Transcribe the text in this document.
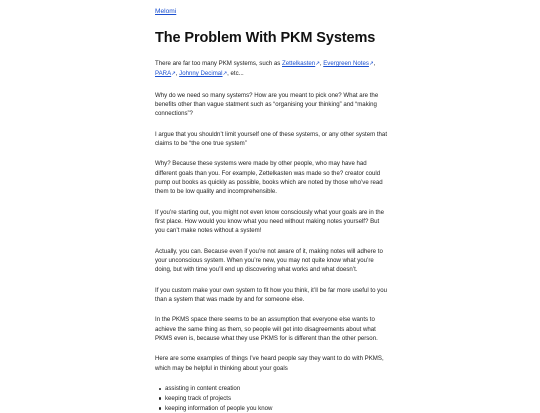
Melomi
The Problem With PKM Systems

There are far too many PKM systems, such as Zettelkasten↗, Evergreen Notes↗, PARA↗, Johnny Decimal↗, etc...

Why do we need so many systems? How are you meant to pick one? What are the benefits other than vague statment such as “organising your thinking” and “making connections”?

I argue that you shouldn’t limit yourself one of these systems, or any other system that claims to be “the one true system”

Why? Because these systems were made by other people, who may have had different goals than you. For example, Zettelkasten was made so the? creator could pump out books as quickly as possible, books which are noted by those who’ve read them to be low quality and incomprehensible.

If you’re starting out, you might not even know consciously what your goals are in the first place. How would you know what you need without making notes yourself? But you can’t make notes without a system!

Actually, you can. Because even if you’re not aware of it, making notes will adhere to your unconscious system. When you’re new, you may not quite know what you’re doing, but with time you’ll end up discovering what works and what doesn’t.

If you custom make your own system to fit how you think, it’ll be far more useful to you than a system that was made by and for someone else.

In the PKMS space there seems to be an assumption that everyone else wants to achieve the same thing as them, so people will get into disagreements about what PKMS even is, because what they use PKMS for is different than the other person.

Here are some examples of things I’ve heard people say they want to do with PKMS, which may be helpful in thinking about your goals

assisting in content creation
keeping track of projects
keeping information of people you know
